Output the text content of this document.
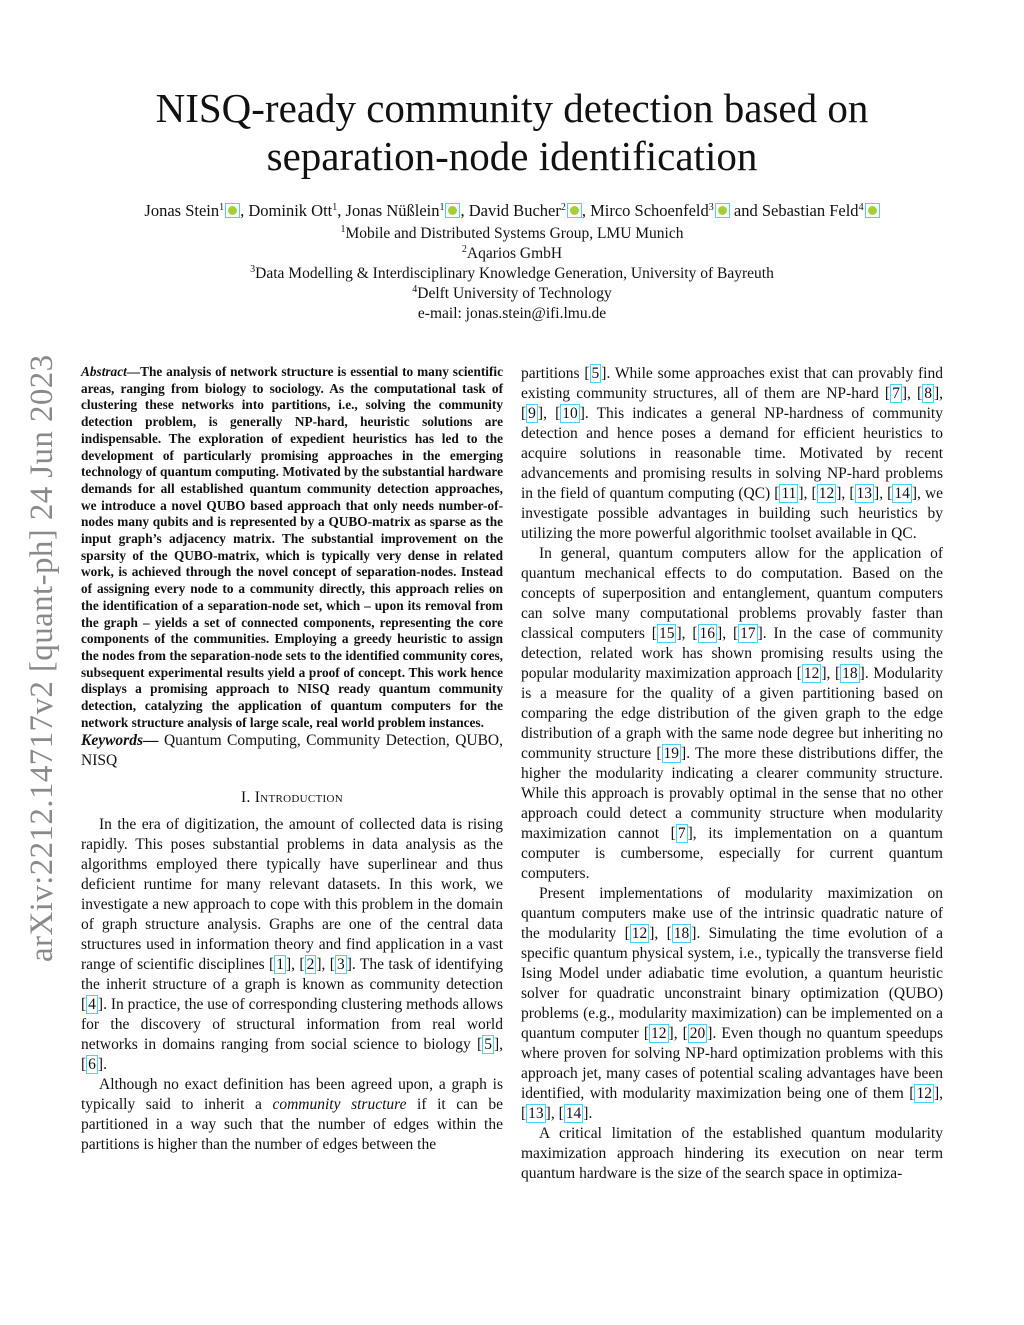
NISQ-ready community detection based on
separation-node identification
Jonas Stein$^1$ , Dominik Ott$^1$, Jonas Nüßlein$^1$ , David Bucher$^2$ , Mirco Schoenfeld$^3$ and Sebastian Feld$^4$
$^1$Mobile and Distributed Systems Group, LMU Munich
$^2$Aqarios GmbH
$^3$Data Modelling & Interdisciplinary Knowledge Generation, University of Bayreuth
$^4$Delft University of Technology
e-mail: jonas.stein@ifi.lmu.de
arXiv:2212.14717v2 [quant-ph] 24 Jun 2023 Abstract—The analysis of network structure is essential to many scientific areas, ranging from biology to sociology. As the computational task of clustering these networks into partitions, i.e., solving the community detection problem, is generally NP-hard, heuristic solutions are indispensable. The exploration of expedient heuristics has led to the development of particularly promising approaches in the emerging technology of quantum computing. Motivated by the substantial hardware demands for all established quantum community detection approaches, we introduce a novel QUBO based approach that only needs number-of-nodes many qubits and is represented by a QUBO-matrix as sparse as the input graph’s adjacency matrix. The substantial improvement on the sparsity of the QUBO-matrix, which is typically very dense in related work, is achieved through the novel concept of separation-nodes. Instead of assigning every node to a community directly, this approach relies on the identification of a separation-node set, which – upon its removal from the graph – yields a set of connected components, representing the core components of the communities. Employing a greedy heuristic to assign the nodes from the separation-node sets to the identified community cores, subsequent experimental results yield a proof of concept. This work hence displays a promising approach to NISQ ready quantum community detection, catalyzing the application of quantum computers for the network structure analysis of large scale, real world problem instances.

Keywords— Quantum Computing, Community Detection, QUBO, NISQ

I. Introduction

In the era of digitization, the amount of collected data is rising rapidly. This poses substantial problems in data analysis as the algorithms employed there typically have superlinear and thus deficient runtime for many relevant datasets. In this work, we investigate a new approach to cope with this problem in the domain of graph structure analysis. Graphs are one of the central data structures used in information theory and find application in a vast range of scientific disciplines [ 1 ], [ 2 ], [ 3 ]. The task of identifying the inherit structure of a graph is known as community detection [ 4 ]. In practice, the use of corresponding clustering methods allows for the discovery of structural information from real world networks in domains ranging from social science to biology [ 5 ], [ 6 ].

Although no exact definition has been agreed upon, a graph is typically said to inherit a community structure if it can be partitioned in a way such that the number of edges within the partitions is higher than the number of edges between the

partitions [ 5 ]. While some approaches exist that can provably find existing community structures, all of them are NP-hard [ 7 ], [ 8 ], [ 9 ], [ 10 ]. This indicates a general NP-hardness of community detection and hence poses a demand for efficient heuristics to acquire solutions in reasonable time. Motivated by recent advancements and promising results in solving NP-hard problems in the field of quantum computing (QC) [ 11 ], [ 12 ], [ 13 ], [ 14 ], we investigate possible advantages in building such heuristics by utilizing the more powerful algorithmic toolset available in QC.

In general, quantum computers allow for the application of quantum mechanical effects to do computation. Based on the concepts of superposition and entanglement, quantum computers can solve many computational problems provably faster than classical computers [ 15 ], [ 16 ], [ 17 ]. In the case of community detection, related work has shown promising results using the popular modularity maximization approach [ 12 ], [ 18 ]. Modularity is a measure for the quality of a given partitioning based on comparing the edge distribution of the given graph to the edge distribution of a graph with the same node degree but inheriting no community structure [ 19 ]. The more these distributions differ, the higher the modularity indicating a clearer community structure. While this approach is provably optimal in the sense that no other approach could detect a community structure when modularity maximization cannot [ 7 ], its implementation on a quantum computer is cumbersome, especially for current quantum computers.

Present implementations of modularity maximization on quantum computers make use of the intrinsic quadratic nature of the modularity [ 12 ], [ 18 ]. Simulating the time evolution of a specific quantum physical system, i.e., typically the transverse field Ising Model under adiabatic time evolution, a quantum heuristic solver for quadratic unconstraint binary optimization (QUBO) problems (e.g., modularity maximization) can be implemented on a quantum computer [ 12 ], [ 20 ]. Even though no quantum speedups where proven for solving NP-hard optimization problems with this approach jet, many cases of potential scaling advantages have been identified, with modularity maximization being one of them [ 12 ], [ 13 ], [ 14 ].

A critical limitation of the established quantum modularity maximization approach hindering its execution on near term quantum hardware is the size of the search space in optimiza-
